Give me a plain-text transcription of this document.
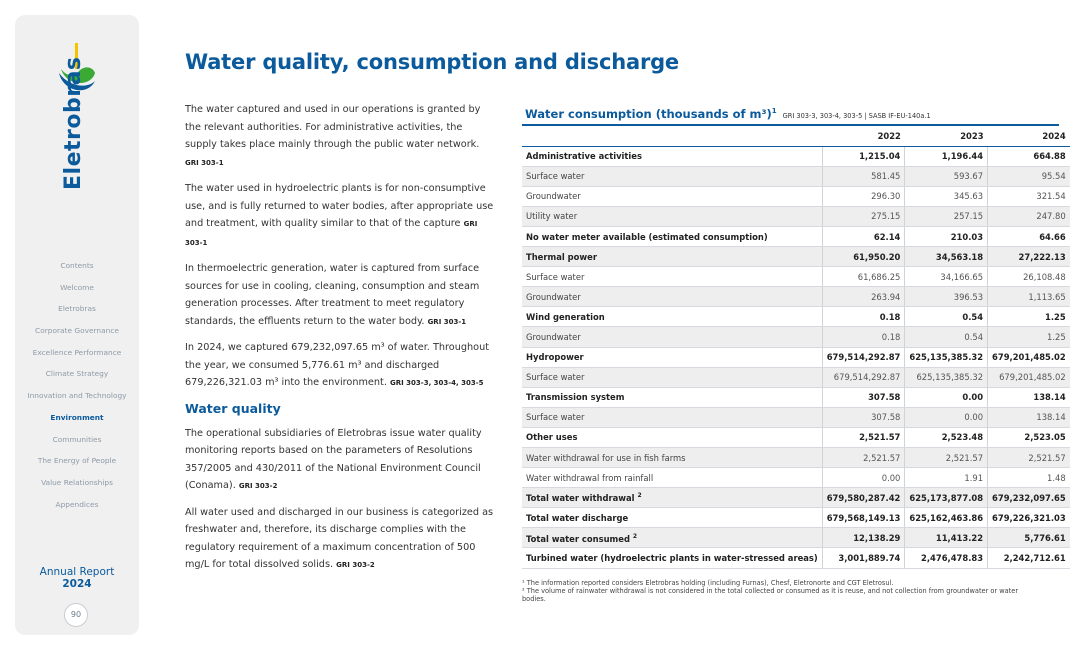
Eletrobras
Contents
Welcome
Eletrobras
Corporate Governance
Excellence Performance
Climate Strategy
Innovation and Technology
Environment
Communities
The Energy of People
Value Relationships
Appendices
Annual Report
2024
90
Water quality, consumption and discharge

The water captured and used in our operations is granted by the relevant authorities. For administrative activities, the supply takes place mainly through the public water network. GRI 303-1

The water used in hydroelectric plants is for non-consumptive use, and is fully returned to water bodies, after appropriate use and treatment, with quality similar to that of the capture GRI 303-1

In thermoelectric generation, water is captured from surface sources for use in cooling, cleaning, consumption and steam generation processes. After treatment to meet regulatory standards, the effluents return to the water body. GRI 303-1

In 2024, we captured 679,232,097.65 m³ of water. Throughout the year, we consumed 5,776.61 m³ and discharged 679,226,321.03 m³ into the environment. GRI 303-3, 303-4, 303-5

Water quality

The operational subsidiaries of Eletrobras issue water quality monitoring reports based on the parameters of Resolutions 357/2005 and 430/2011 of the National Environment Council (Conama). GRI 303-2

All water used and discharged in our business is categorized as freshwater and, therefore, its discharge complies with the regulatory requirement of a maximum concentration of 500 mg/L for total dissolved solids. GRI 303-2

Water consumption (thousands of m³)$^1$ GRI 303-3, 303-4, 303-5 | SASB IF-EU-140a.1
	2022	2023	2024
Administrative activities	1,215.04	1,196.44	664.88
Surface water	581.45	593.67	95.54
Groundwater	296.30	345.63	321.54
Utility water	275.15	257.15	247.80
No water meter available (estimated consumption)	62.14	210.03	64.66
Thermal power	61,950.20	34,563.18	27,222.13
Surface water	61,686.25	34,166.65	26,108.48
Groundwater	263.94	396.53	1,113.65
Wind generation	0.18	0.54	1.25
Groundwater	0.18	0.54	1.25
Hydropower	679,514,292.87	625,135,385.32	679,201,485.02
Surface water	679,514,292.87	625,135,385.32	679,201,485.02
Transmission system	307.58	0.00	138.14
Surface water	307.58	0.00	138.14
Other uses	2,521.57	2,523.48	2,523.05
Water withdrawal for use in fish farms	2,521.57	2,521.57	2,521.57
Water withdrawal from rainfall	0.00	1.91	1.48
Total water withdrawal $^2$	679,580,287.42	625,173,877.08	679,232,097.65
Total water discharge	679,568,149.13	625,162,463.86	679,226,321.03
Total water consumed $^2$	12,138.29	11,413.22	5,776.61
Turbined water (hydroelectric plants in water-stressed areas)	3,001,889.74	2,476,478.83	2,242,712.61
¹ The information reported considers Eletrobras holding (including Furnas), Chesf, Eletronorte and CGT Eletrosul.
² The volume of rainwater withdrawal is not considered in the total collected or consumed as it is reuse, and not collection from groundwater or water bodies.
